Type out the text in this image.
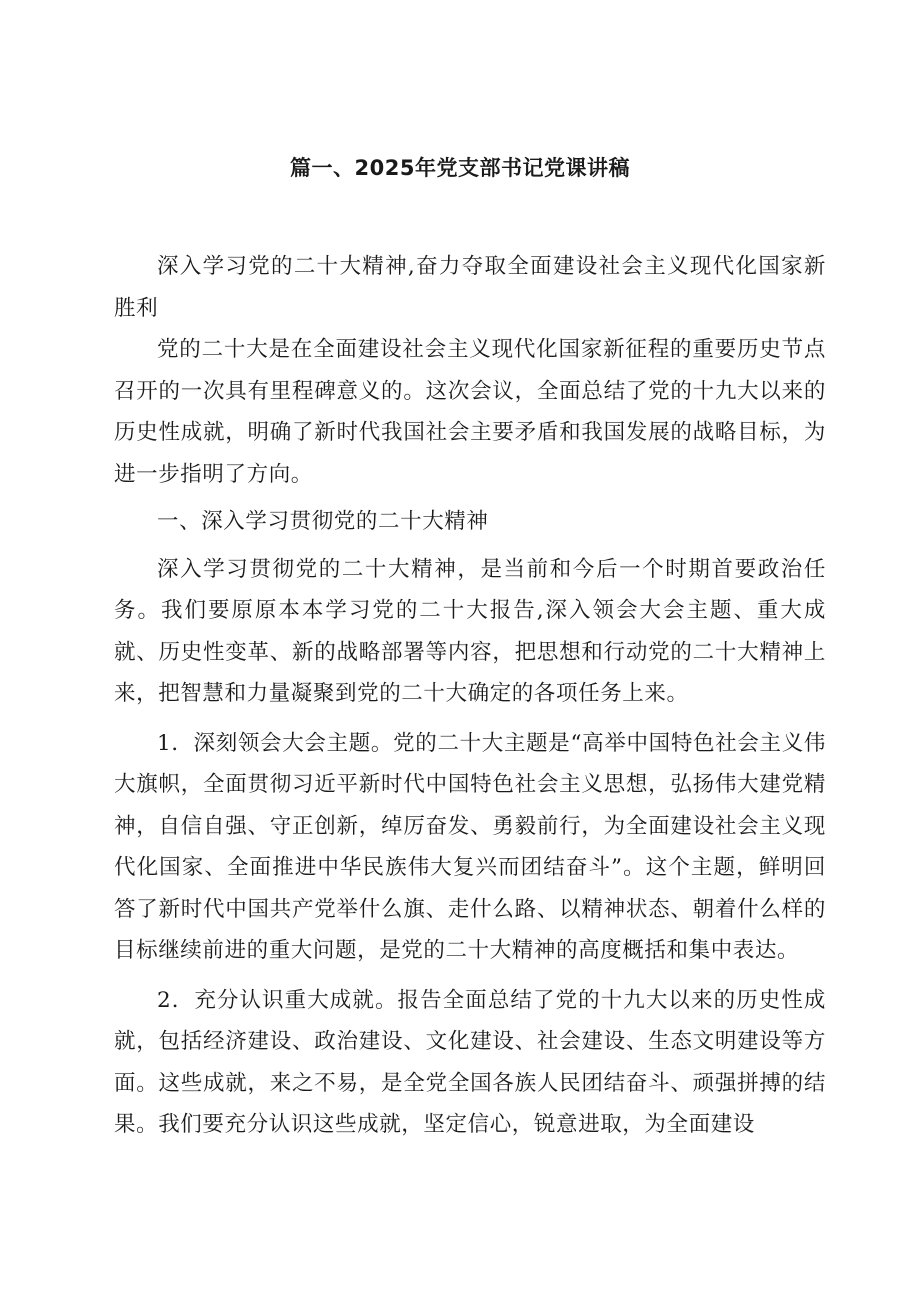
篇一、2025年党支部书记党课讲稿

深入学习党的二十大精神,奋力夺取全面建设社会主义现代化国家新胜利

党的二十大是在全面建设社会主义现代化国家新征程的重要历史节点召开的一次具有里程碑意义的。这次会议，全面总结了党的十九大以来的历史性成就，明确了新时代我国社会主要矛盾和我国发展的战略目标，为进一步指明了方向。

一、深入学习贯彻党的二十大精神

深入学习贯彻党的二十大精神，是当前和今后一个时期首要政治任务。我们要原原本本学习党的二十大报告,深入领会大会主题、重大成就、历史性变革、新的战略部署等内容，把思想和行动党的二十大精神上来，把智慧和力量凝聚到党的二十大确定的各项任务上来。

1．深刻领会大会主题。党的二十大主题是“高举中国特色社会主义伟大旗帜，全面贯彻习近平新时代中国特色社会主义思想，弘扬伟大建党精神，自信自强、守正创新，绰厉奋发、勇毅前行，为全面建设社会主义现代化国家、全面推进中华民族伟大复兴而团结奋斗”。这个主题，鲜明回答了新时代中国共产党举什么旗、走什么路、以精神状态、朝着什么样的目标继续前进的重大问题，是党的二十大精神的高度概括和集中表达。

2．充分认识重大成就。报告全面总结了党的十九大以来的历史性成就，包括经济建设、政治建设、文化建设、社会建设、生态文明建设等方面。这些成就，来之不易，是全党全国各族人民团结奋斗、顽强拼搏的结果。我们要充分认识这些成就，坚定信心，锐意进取，为全面建设
